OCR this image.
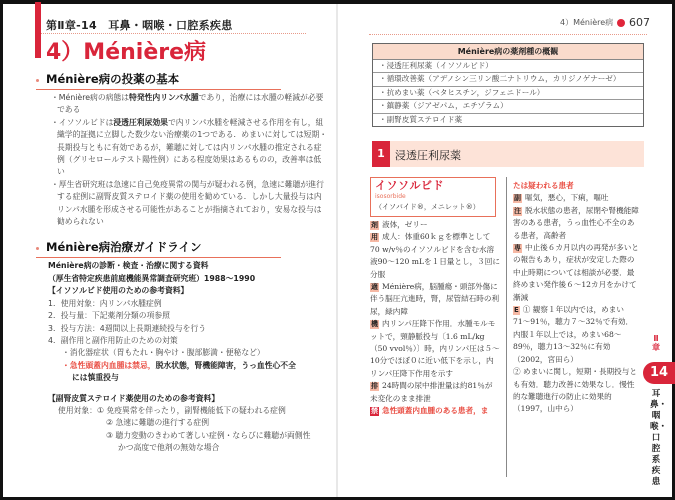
第Ⅱ章-14　耳鼻・咽喉・口腔系疾患
4）Ménière病
Ménière病の投薬の基本
・Ménière病の病態は特発性内リンパ水腫であり，治療には水腫の軽減が必要である
・イソソルビドは浸透圧利尿効果で内リンパ水腫を軽減させる作用を有し，組織学的証拠に立脚した数少ない治療薬の1つである．めまいに対しては短期・長期投与ともに有効であるが，難聴に対しては内リンパ水腫の推定される症例（グリセロールテスト陽性例）にある程度効果はあるものの，改善率は低い
・厚生省研究班は急速に自己免疫異常の関与が疑われる例，急速に難聴が進行する症例に副腎皮質ステロイド薬の使用を勧めている．しかし大量投与は内リンパ水腫を形成させる可能性があることが指摘されており，安易な投与は勧められない
Ménière病治療ガイドライン
Ménière病の診断・検査・治療に関する資料
（厚生省特定疾患前庭機能異常調査研究班）1988〜1990
【イソソルビド使用のための参考資料】
1．使用対象：内リンパ水腫症例
2．投与量：下記薬剤分類の項参照
3．投与方法：4週間以上長期連続投与を行う
4．副作用と副作用防止のための対策
・消化器症状（胃もたれ・胸やけ・腹部膨満・便秘など）
・急性頭蓋内血腫は禁忌，脱水状態，腎機能障害，うっ血性心不全
には慎重投与
【副腎皮質ステロイド薬使用のための参考資料】
使用対象：① 免疫異常を伴ったり，副腎機能低下の疑われる症例
② 急速に難聴の進行する症例
③ 聴力変動のきわめて著しい症例・ならびに難聴が両側性
かつ高度で他剤の無効な場合
4）Ménière病 607
Ménière病の薬剤種の概観
・浸透圧利尿薬（イソソルビド）
・循環改善薬（アデノシン三リン酸二ナトリウム，カリジノゲナーゼ）
・抗めまい薬（ベタヒスチン，ジフェニドール）
・鎮静薬（ジアゼパム，エチゾラム）
・副腎皮質ステロイド薬
1 浸透圧利尿薬
イソソルビド
isosorbide
（イソバイド®，メニレット®）
剤 液体，ゼリー
用 成人：体重60ｋｇを標準として70 w/v％のイソソルビドを含む水溶液90〜120 mLを１日量とし，３回に分服
適 Ménière病，脳腫瘍・頭部外傷に伴う脳圧亢進時，腎，尿管結石時の利尿，緑内障
機 内リンパ圧降下作用．水腫モルモットで，頸静脈投与〔1.6 mL/kg（50 vvol％）〕時，内リンパ圧は５〜10分でほぼ０に近い低下を示し，内リンパ圧降下作用を示す
排 24時間の尿中排泄量は約81％が未変化のまま排泄
禁 急性頭蓋内血腫のある患者，ま
たは疑われる患者
副 嘔気，悪心，下痢，嘔吐
注 脱水状態の患者，尿閉や腎機能障害のある患者，うっ血性心不全のある患者，高齢者
専 中止後６カ月以内の再発が多いとの報告もあり，症状が安定した際の中止時期については相談が必要．最終めまい発作後６〜12カ月をかけて漸減
E ① 観察１年以内では，めまい71〜91％，聴力７〜32％で有効．内服１年以上では，めまい68〜89％，聴力13〜32％に有効（2002，宮田ら）
② めまいに関し，短期・長期投与とも有効．聴力改善に効果なし．慢性的な難聴進行の防止に効果的（1997，山中ら）
Ⅱ章
14
耳鼻・咽喉・口腔系疾患
